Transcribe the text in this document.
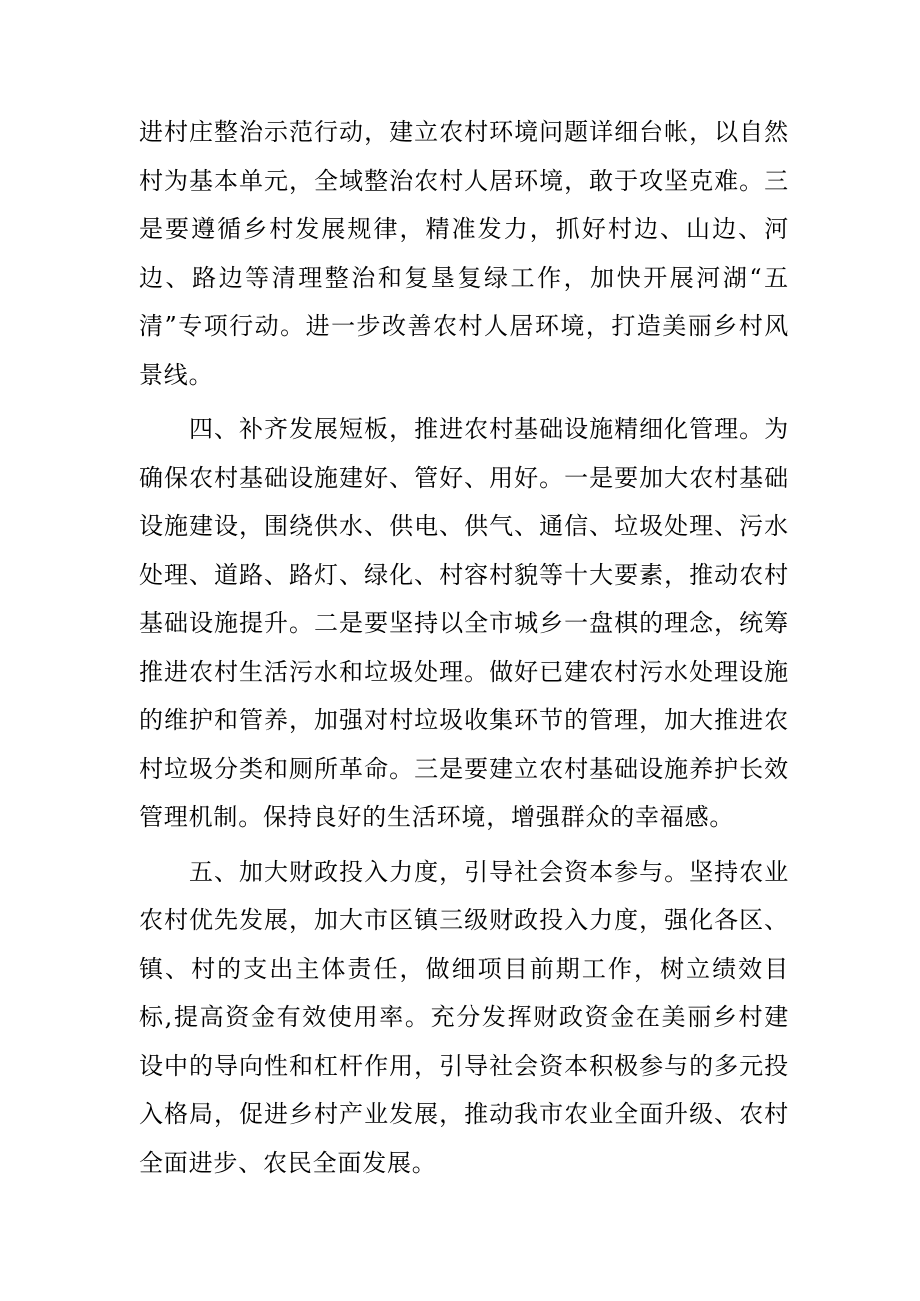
进村庄整治示范行动，建立农村环境问题详细台帐，以自然村为基本单元，全域整治农村人居环境，敢于攻坚克难。三是要遵循乡村发展规律，精准发力，抓好村边、山边、河边、路边等清理整治和复垦复绿工作，加快开展河湖“五清”专项行动。进一步改善农村人居环境，打造美丽乡村风景线。

四、补齐发展短板，推进农村基础设施精细化管理。为确保农村基础设施建好、管好、用好。一是要加大农村基础设施建设，围绕供水、供电、供气、通信、垃圾处理、污水处理、道路、路灯、绿化、村容村貌等十大要素，推动农村基础设施提升。二是要坚持以全市城乡一盘棋的理念，统筹推进农村生活污水和垃圾处理。做好已建农村污水处理设施的维护和管养，加强对村垃圾收集环节的管理，加大推进农村垃圾分类和厕所革命。三是要建立农村基础设施养护长效管理机制。保持良好的生活环境，增强群众的幸福感。

五、加大财政投入力度，引导社会资本参与。坚持农业农村优先发展，加大市区镇三级财政投入力度，强化各区、镇、村的支出主体责任，做细项目前期工作，树立绩效目标,提高资金有效使用率。充分发挥财政资金在美丽乡村建设中的导向性和杠杆作用，引导社会资本积极参与的多元投入格局，促进乡村产业发展，推动我市农业全面升级、农村全面进步、农民全面发展。
